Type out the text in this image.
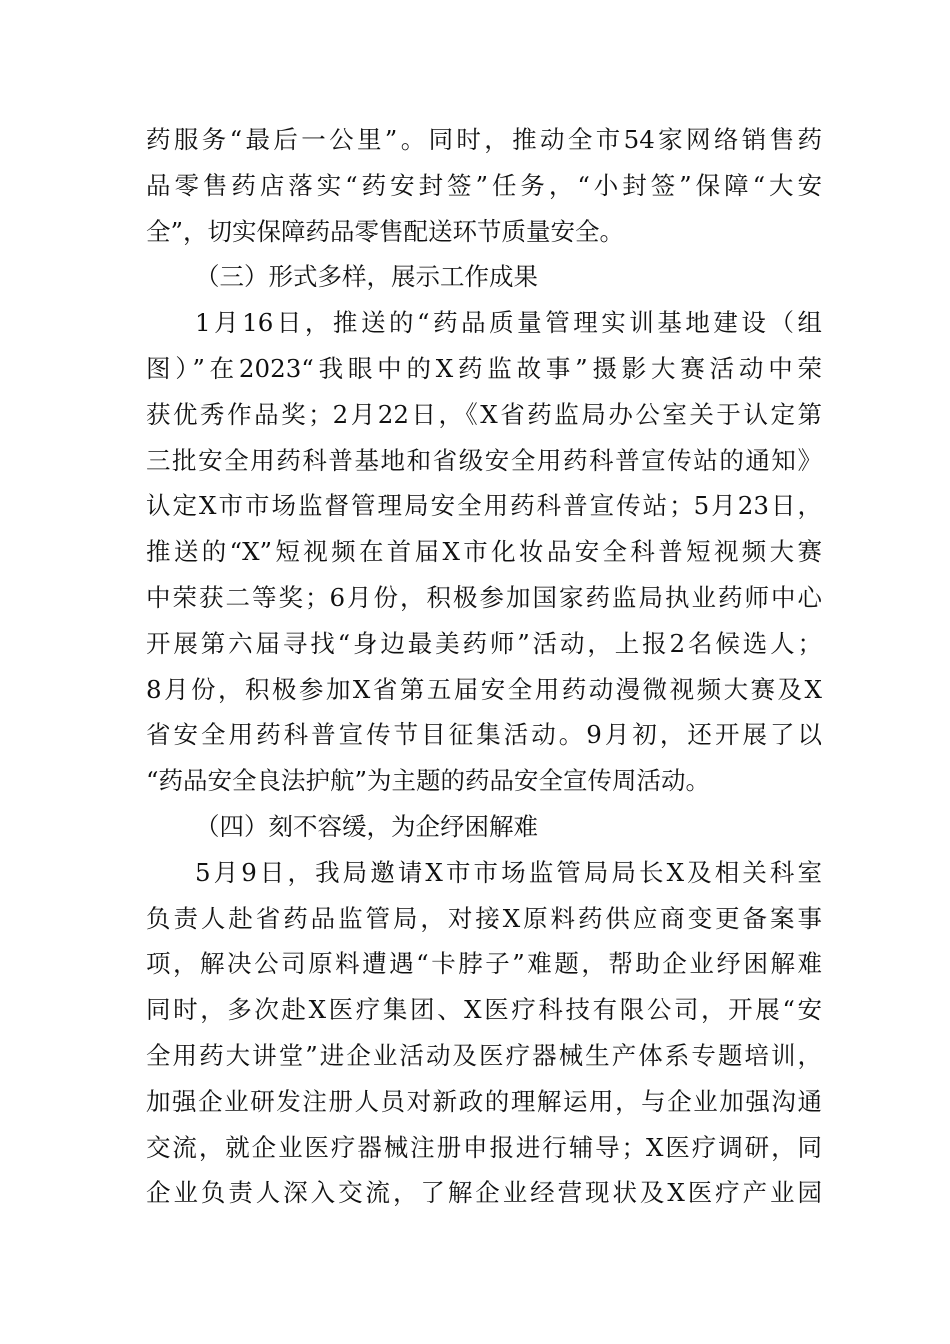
药服务“最后一公里”。同时，推动全市54家网络销售药
品零售药店落实“药安封签”任务，“小封签”保障“大安
全”，切实保障药品零售配送环节质量安全。
（三）形式多样，展示工作成果
1月16日，推送的“药品质量管理实训基地建设（组
图）”在2023“我眼中的X药监故事”摄影大赛活动中荣
获优秀作品奖；2月22日，《X省药监局办公室关于认定第
三批安全用药科普基地和省级安全用药科普宣传站的通知》
认定X市市场监督管理局安全用药科普宣传站；5月23日，
推送的“X”短视频在首届X市化妆品安全科普短视频大赛
中荣获二等奖；6月份，积极参加国家药监局执业药师中心
开展第六届寻找“身边最美药师”活动，上报2名候选人；
8月份，积极参加X省第五届安全用药动漫微视频大赛及X
省安全用药科普宣传节目征集活动。9月初，还开展了以
“药品安全良法护航”为主题的药品安全宣传周活动。
（四）刻不容缓，为企纾困解难
5月9日，我局邀请X市市场监管局局长X及相关科室
负责人赴省药品监管局，对接X原料药供应商变更备案事
项，解决公司原料遭遇“卡脖子”难题，帮助企业纾困解难
同时，多次赴X医疗集团、X医疗科技有限公司，开展“安
全用药大讲堂”进企业活动及医疗器械生产体系专题培训，
加强企业研发注册人员对新政的理解运用，与企业加强沟通
交流，就企业医疗器械注册申报进行辅导；X医疗调研，同
企业负责人深入交流，了解企业经营现状及X医疗产业园
